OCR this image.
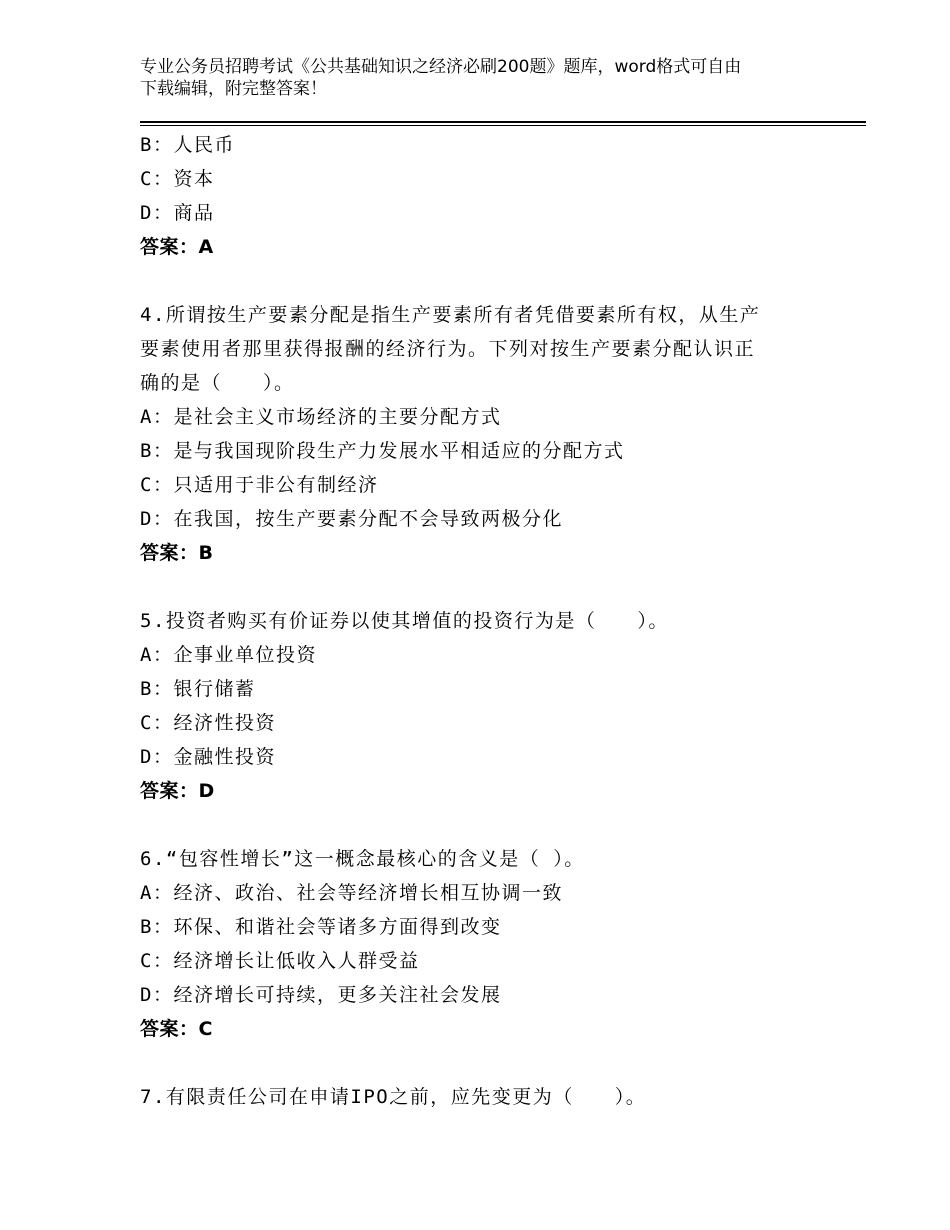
专业公务员招聘考试《公共基础知识之经济必刷200题》题库，word格式可自由

下载编辑，附完整答案！

B：人民币

C：资本

D：商品

答案：A

4.所谓按生产要素分配是指生产要素所有者凭借要素所有权，从生产

要素使用者那里获得报酬的经济行为。下列对按生产要素分配认识正

确的是（　　）。

A：是社会主义市场经济的主要分配方式

B：是与我国现阶段生产力发展水平相适应的分配方式

C：只适用于非公有制经济

D：在我国，按生产要素分配不会导致两极分化

答案：B

5.投资者购买有价证券以使其增值的投资行为是（　　）。

A：企事业单位投资

B：银行储蓄

C：经济性投资

D：金融性投资

答案：D

6.“包容性增长”这一概念最核心的含义是（ ）。

A：经济、政治、社会等经济增长相互协调一致

B：环保、和谐社会等诸多方面得到改变

C：经济增长让低收入人群受益

D：经济增长可持续，更多关注社会发展

答案：C

7.有限责任公司在申请IPO之前，应先变更为（　　）。
